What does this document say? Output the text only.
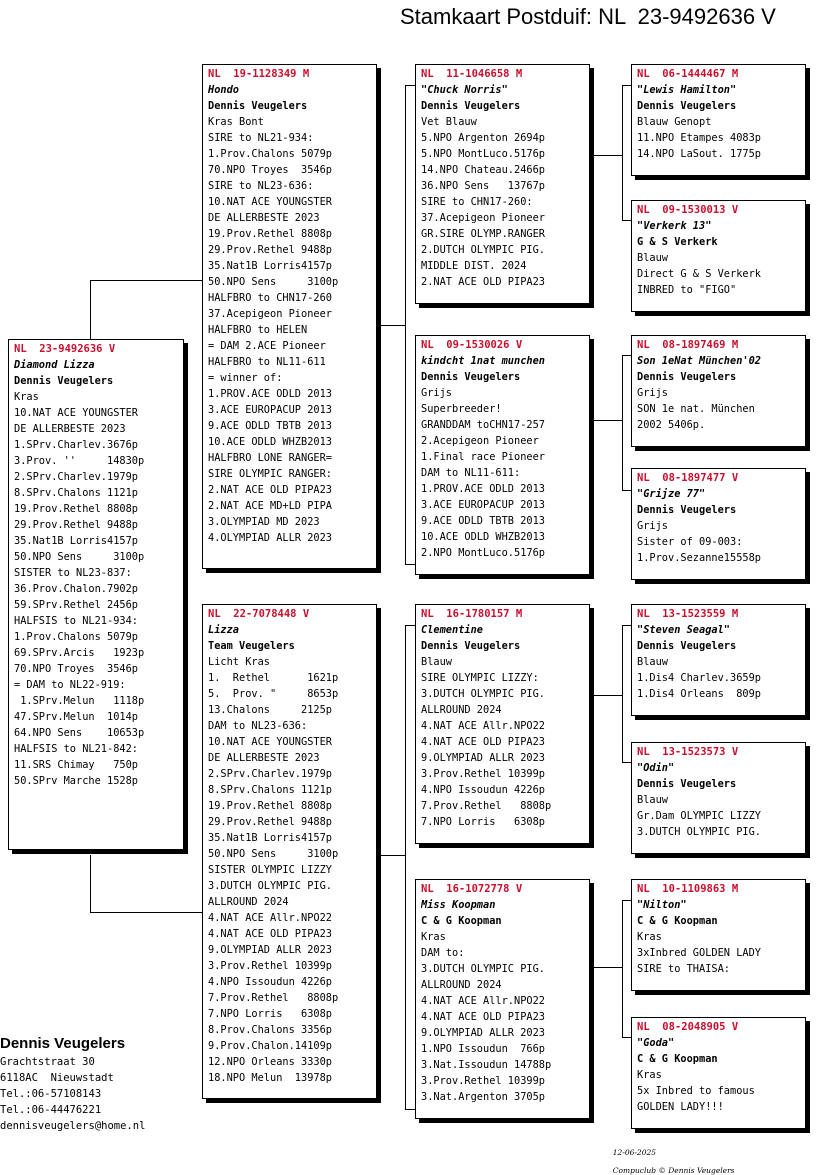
Stamkaart Postduif: NL  23-9492636 V
NL  23-9492636 V
Diamond Lizza
Dennis Veugelers
Kras
10.NAT ACE YOUNGSTER
DE ALLERBESTE 2023
1.SPrv.Charlev.3676p
3.Prov. ''     14830p
2.SPrv.Charlev.1979p
8.SPrv.Chalons 1121p
19.Prov.Rethel 8808p
29.Prov.Rethel 9488p
35.Nat1B Lorris4157p
50.NPO Sens     3100p
SISTER to NL23-837:
36.Prov.Chalon.7902p
59.SPrv.Rethel 2456p
HALFSIS to NL21-934:
1.Prov.Chalons 5079p
69.SPrv.Arcis   1923p
70.NPO Troyes  3546p
= DAM to NL22-919:
1.SPrv.Melun   1118p
47.SPrv.Melun  1014p
64.NPO Sens    10653p
HALFSIS to NL21-842:
11.SRS Chimay   750p
50.SPrv Marche 1528p
NL  19-1128349 M
Hondo
Dennis Veugelers
Kras Bont
SIRE to NL21-934:
1.Prov.Chalons 5079p
70.NPO Troyes  3546p
SIRE to NL23-636:
10.NAT ACE YOUNGSTER
DE ALLERBESTE 2023
19.Prov.Rethel 8808p
29.Prov.Rethel 9488p
35.Nat1B Lorris4157p
50.NPO Sens     3100p
HALFBRO to CHN17-260
37.Acepigeon Pioneer
HALFBRO to HELEN
= DAM 2.ACE Pioneer
HALFBRO to NL11-611
= winner of:
1.PROV.ACE ODLD 2013
3.ACE EUROPACUP 2013
9.ACE ODLD TBTB 2013
10.ACE ODLD WHZB2013
HALFBRO LONE RANGER=
SIRE OLYMPIC RANGER:
2.NAT ACE OLD PIPA23
2.NAT ACE MD+LD PIPA
3.OLYMPIAD MD 2023
4.OLYMPIAD ALLR 2023
NL  22-7078448 V
Lizza
Team Veugelers
Licht Kras
1.  Rethel      1621p
5.  Prov. "     8653p
13.Chalons     2125p
DAM to NL23-636:
10.NAT ACE YOUNGSTER
DE ALLERBESTE 2023
2.SPrv.Charlev.1979p
8.SPrv.Chalons 1121p
19.Prov.Rethel 8808p
29.Prov.Rethel 9488p
35.Nat1B Lorris4157p
50.NPO Sens     3100p
SISTER OLYMPIC LIZZY
3.DUTCH OLYMPIC PIG.
ALLROUND 2024
4.NAT ACE Allr.NPO22
4.NAT ACE OLD PIPA23
9.OLYMPIAD ALLR 2023
3.Prov.Rethel 10399p
4.NPO Issoudun 4226p
7.Prov.Rethel   8808p
7.NPO Lorris   6308p
8.Prov.Chalons 3356p
9.Prov.Chalon.14109p
12.NPO Orleans 3330p
18.NPO Melun  13978p
NL  11-1046658 M
"Chuck Norris"
Dennis Veugelers
Vet Blauw
5.NPO Argenton 2694p
5.NPO MontLuco.5176p
14.NPO Chateau.2466p
36.NPO Sens   13767p
SIRE to CHN17-260:
37.Acepigeon Pioneer
GR.SIRE OLYMP.RANGER
2.DUTCH OLYMPIC PIG.
MIDDLE DIST. 2024
2.NAT ACE OLD PIPA23
NL  09-1530026 V
kindcht 1nat munchen
Dennis Veugelers
Grijs
Superbreeder!
GRANDDAM toCHN17-257
2.Acepigeon Pioneer
1.Final race Pioneer
DAM to NL11-611:
1.PROV.ACE ODLD 2013
3.ACE EUROPACUP 2013
9.ACE ODLD TBTB 2013
10.ACE ODLD WHZB2013
2.NPO MontLuco.5176p
NL  16-1780157 M
Clementine
Dennis Veugelers
Blauw
SIRE OLYMPIC LIZZY:
3.DUTCH OLYMPIC PIG.
ALLROUND 2024
4.NAT ACE Allr.NPO22
4.NAT ACE OLD PIPA23
9.OLYMPIAD ALLR 2023
3.Prov.Rethel 10399p
4.NPO Issoudun 4226p
7.Prov.Rethel   8808p
7.NPO Lorris   6308p
NL  16-1072778 V
Miss Koopman
C & G Koopman
Kras
DAM to:
3.DUTCH OLYMPIC PIG.
ALLROUND 2024
4.NAT ACE Allr.NPO22
4.NAT ACE OLD PIPA23
9.OLYMPIAD ALLR 2023
1.NPO Issoudun  766p
3.Nat.Issoudun 14788p
3.Prov.Rethel 10399p
3.Nat.Argenton 3705p
NL  06-1444467 M
"Lewis Hamilton"
Dennis Veugelers
Blauw Genopt
11.NPO Etampes 4083p
14.NPO LaSout. 1775p
NL  09-1530013 V
"Verkerk 13"
G & S Verkerk
Blauw
Direct G & S Verkerk
INBRED to "FIGO"
NL  08-1897469 M
Son 1eNat München'02
Dennis Veugelers
Grijs
SON 1e nat. München
2002 5406p.
NL  08-1897477 V
"Grijze 77"
Dennis Veugelers
Grijs
Sister of 09-003:
1.Prov.Sezanne15558p
NL  13-1523559 M
"Steven Seagal"
Dennis Veugelers
Blauw
1.Dis4 Charlev.3659p
1.Dis4 Orleans  809p
NL  13-1523573 V
"Odin"
Dennis Veugelers
Blauw
Gr.Dam OLYMPIC LIZZY
3.DUTCH OLYMPIC PIG.
NL  10-1109863 M
"Nilton"
C & G Koopman
Kras
3xInbred GOLDEN LADY
SIRE to THAISA:
NL  08-2048905 V
"Goda"
C & G Koopman
Kras
5x Inbred to famous
GOLDEN LADY!!!
Dennis Veugelers
Grachtstraat 30
6118AC  Nieuwstadt
Tel.:06-57108143
Tel.:06-44476221
dennisveugelers@home.nl

12-06-2025

Compuclub © Dennis Veugelers
